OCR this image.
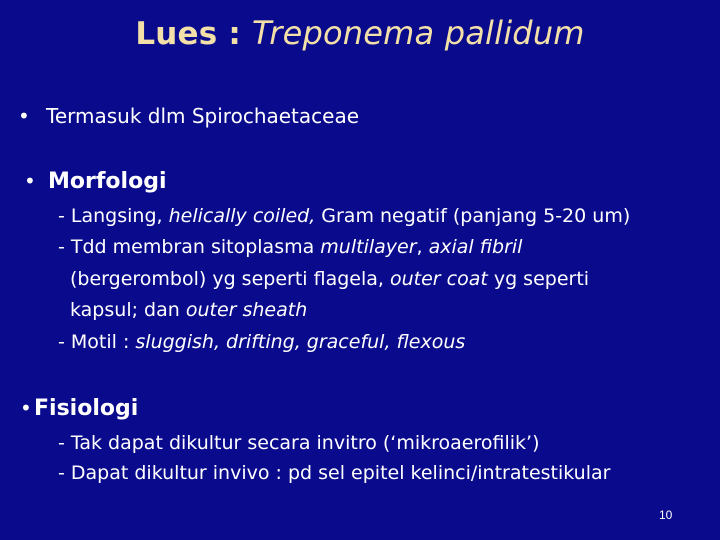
Lues : Treponema pallidum
• Termasuk dlm Spirochaetaceae
• Morfologi
- Langsing, helically coiled, Gram negatif (panjang 5-20 um)
- Tdd membran sitoplasma multilayer, axial fibril
(bergerombol) yg seperti flagela, outer coat yg seperti
kapsul; dan outer sheath
- Motil : sluggish, drifting, graceful, flexous
• Fisiologi
- Tak dapat dikultur secara invitro (‘mikroaerofilik’)
- Dapat dikultur invivo : pd sel epitel kelinci/intratestikular
10
